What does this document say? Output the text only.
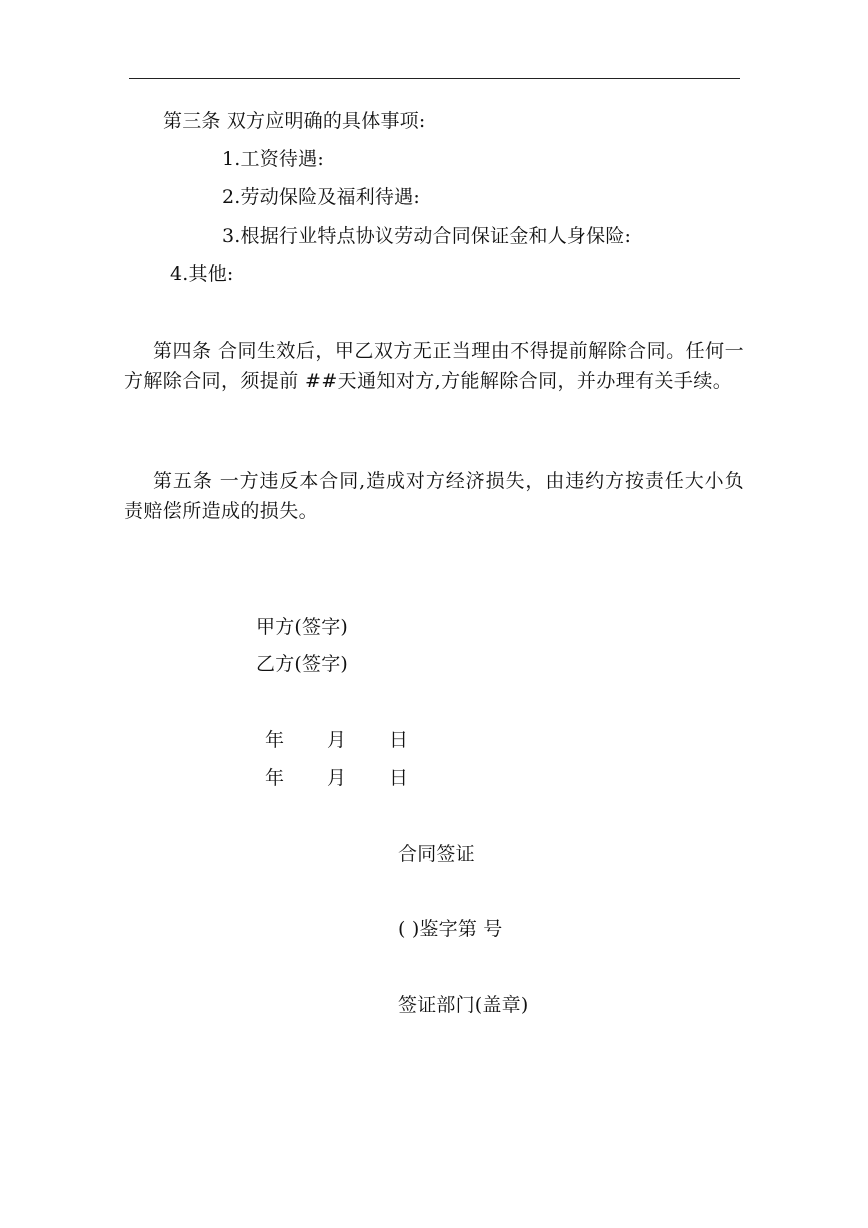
第三条 双方应明确的具体事项:
1.工资待遇:
2.劳动保险及福利待遇:
3.根据行业特点协议劳动合同保证金和人身保险:
4.其他:
第四条 合同生效后，甲乙双方无正当理由不得提前解除合同。任何一方解除合同，须提前 ##天通知对方,方能解除合同，并办理有关手续。
第五条 一方违反本合同,造成对方经济损失，由违约方按责任大小负责赔偿所造成的损失。
甲方(签字)
乙方(签字)
年 月 日
年 月 日
合同签证
( )鉴字第 号
签证部门(盖章)
